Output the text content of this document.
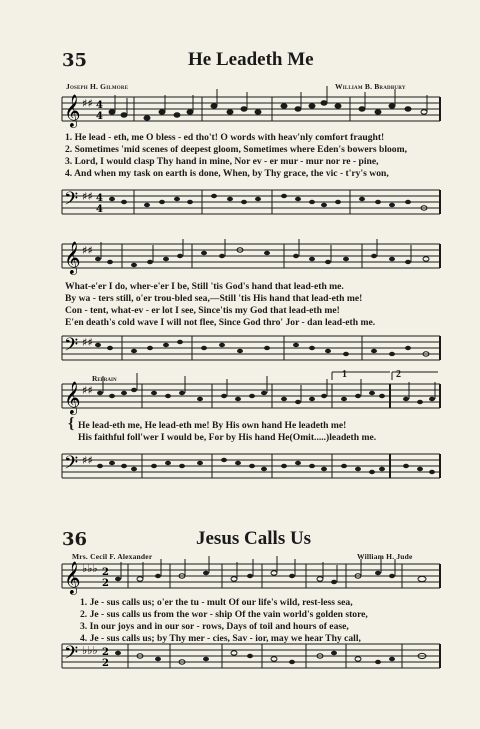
35	He Leadeth Me
Joseph H. Gilmore	William B. Bradbury
𝄞 ♯♯ 4
4
1. He lead - eth, me O bless - ed tho't! O words with heav'nly comfort fraught!
2. Sometimes 'mid scenes of deepest gloom, Sometimes where Eden's bowers bloom,
3. Lord, I would clasp Thy hand in mine, Nor ev - er mur - mur nor re - pine,
4. And when my task on earth is done, When, by Thy grace, the vic - t'ry's won,
𝄢 ♯♯ 4
4
𝄞 ♯♯
What-e'er I do, wher-e'er I be, Still 'tis God's hand that lead-eth me.
By wa - ters still, o'er trou-bled sea,—Still 'tis His hand that lead-eth me!
Con - tent, what-ev - er lot I see, Since'tis my God that lead-eth me!
E'en death's cold wave I will not flee, Since God thro' Jor - dan lead-eth me.
𝄢 ♯♯
Refrain	1	2
𝄞 ♯♯
{ He lead-eth me, He lead-eth me! By His own hand He leadeth me!
His faithful foll'wer I would be, For by His hand He(Omit.....)leadeth me.
𝄢 ♯♯
36	Jesus Calls Us
Mrs. Cecil F. Alexander	William H. Jude
𝄞 ♭♭♭ 2
2
1. Je - sus calls us; o'er the tu - mult Of our life's wild, rest-less sea,
2. Je - sus calls us from the wor - ship Of the vain world's golden store,
3. In our joys and in our sor - rows, Days of toil and hours of ease,
4. Je - sus calls us; by Thy mer - cies, Sav - ior, may we hear Thy call,
𝄢 ♭♭♭ 2
2
